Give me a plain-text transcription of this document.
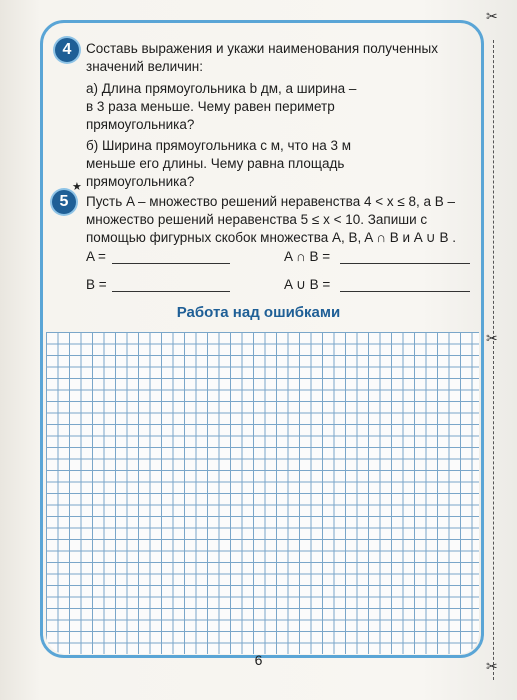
✂
✂
✂
4	Составь выражения и укажи наименования полученных
значений величин:
а) Длина прямоугольника b дм, а ширина –
в 3 раза меньше. Чему равен периметр
прямоугольника?
б) Ширина прямоугольника c м, что на 3 м
меньше его длины. Чему равна площадь
прямоугольника?
★
5	Пусть A – множество решений неравенства 4 < x ≤ 8, а B –
множество решений неравенства 5 ≤ x < 10. Запиши с
помощью фигурных скобок множества A, B, A ∩ B и A ∪ B .
A =	A ∩ B =
B =	A ∪ B =
Работа над ошибками
6
